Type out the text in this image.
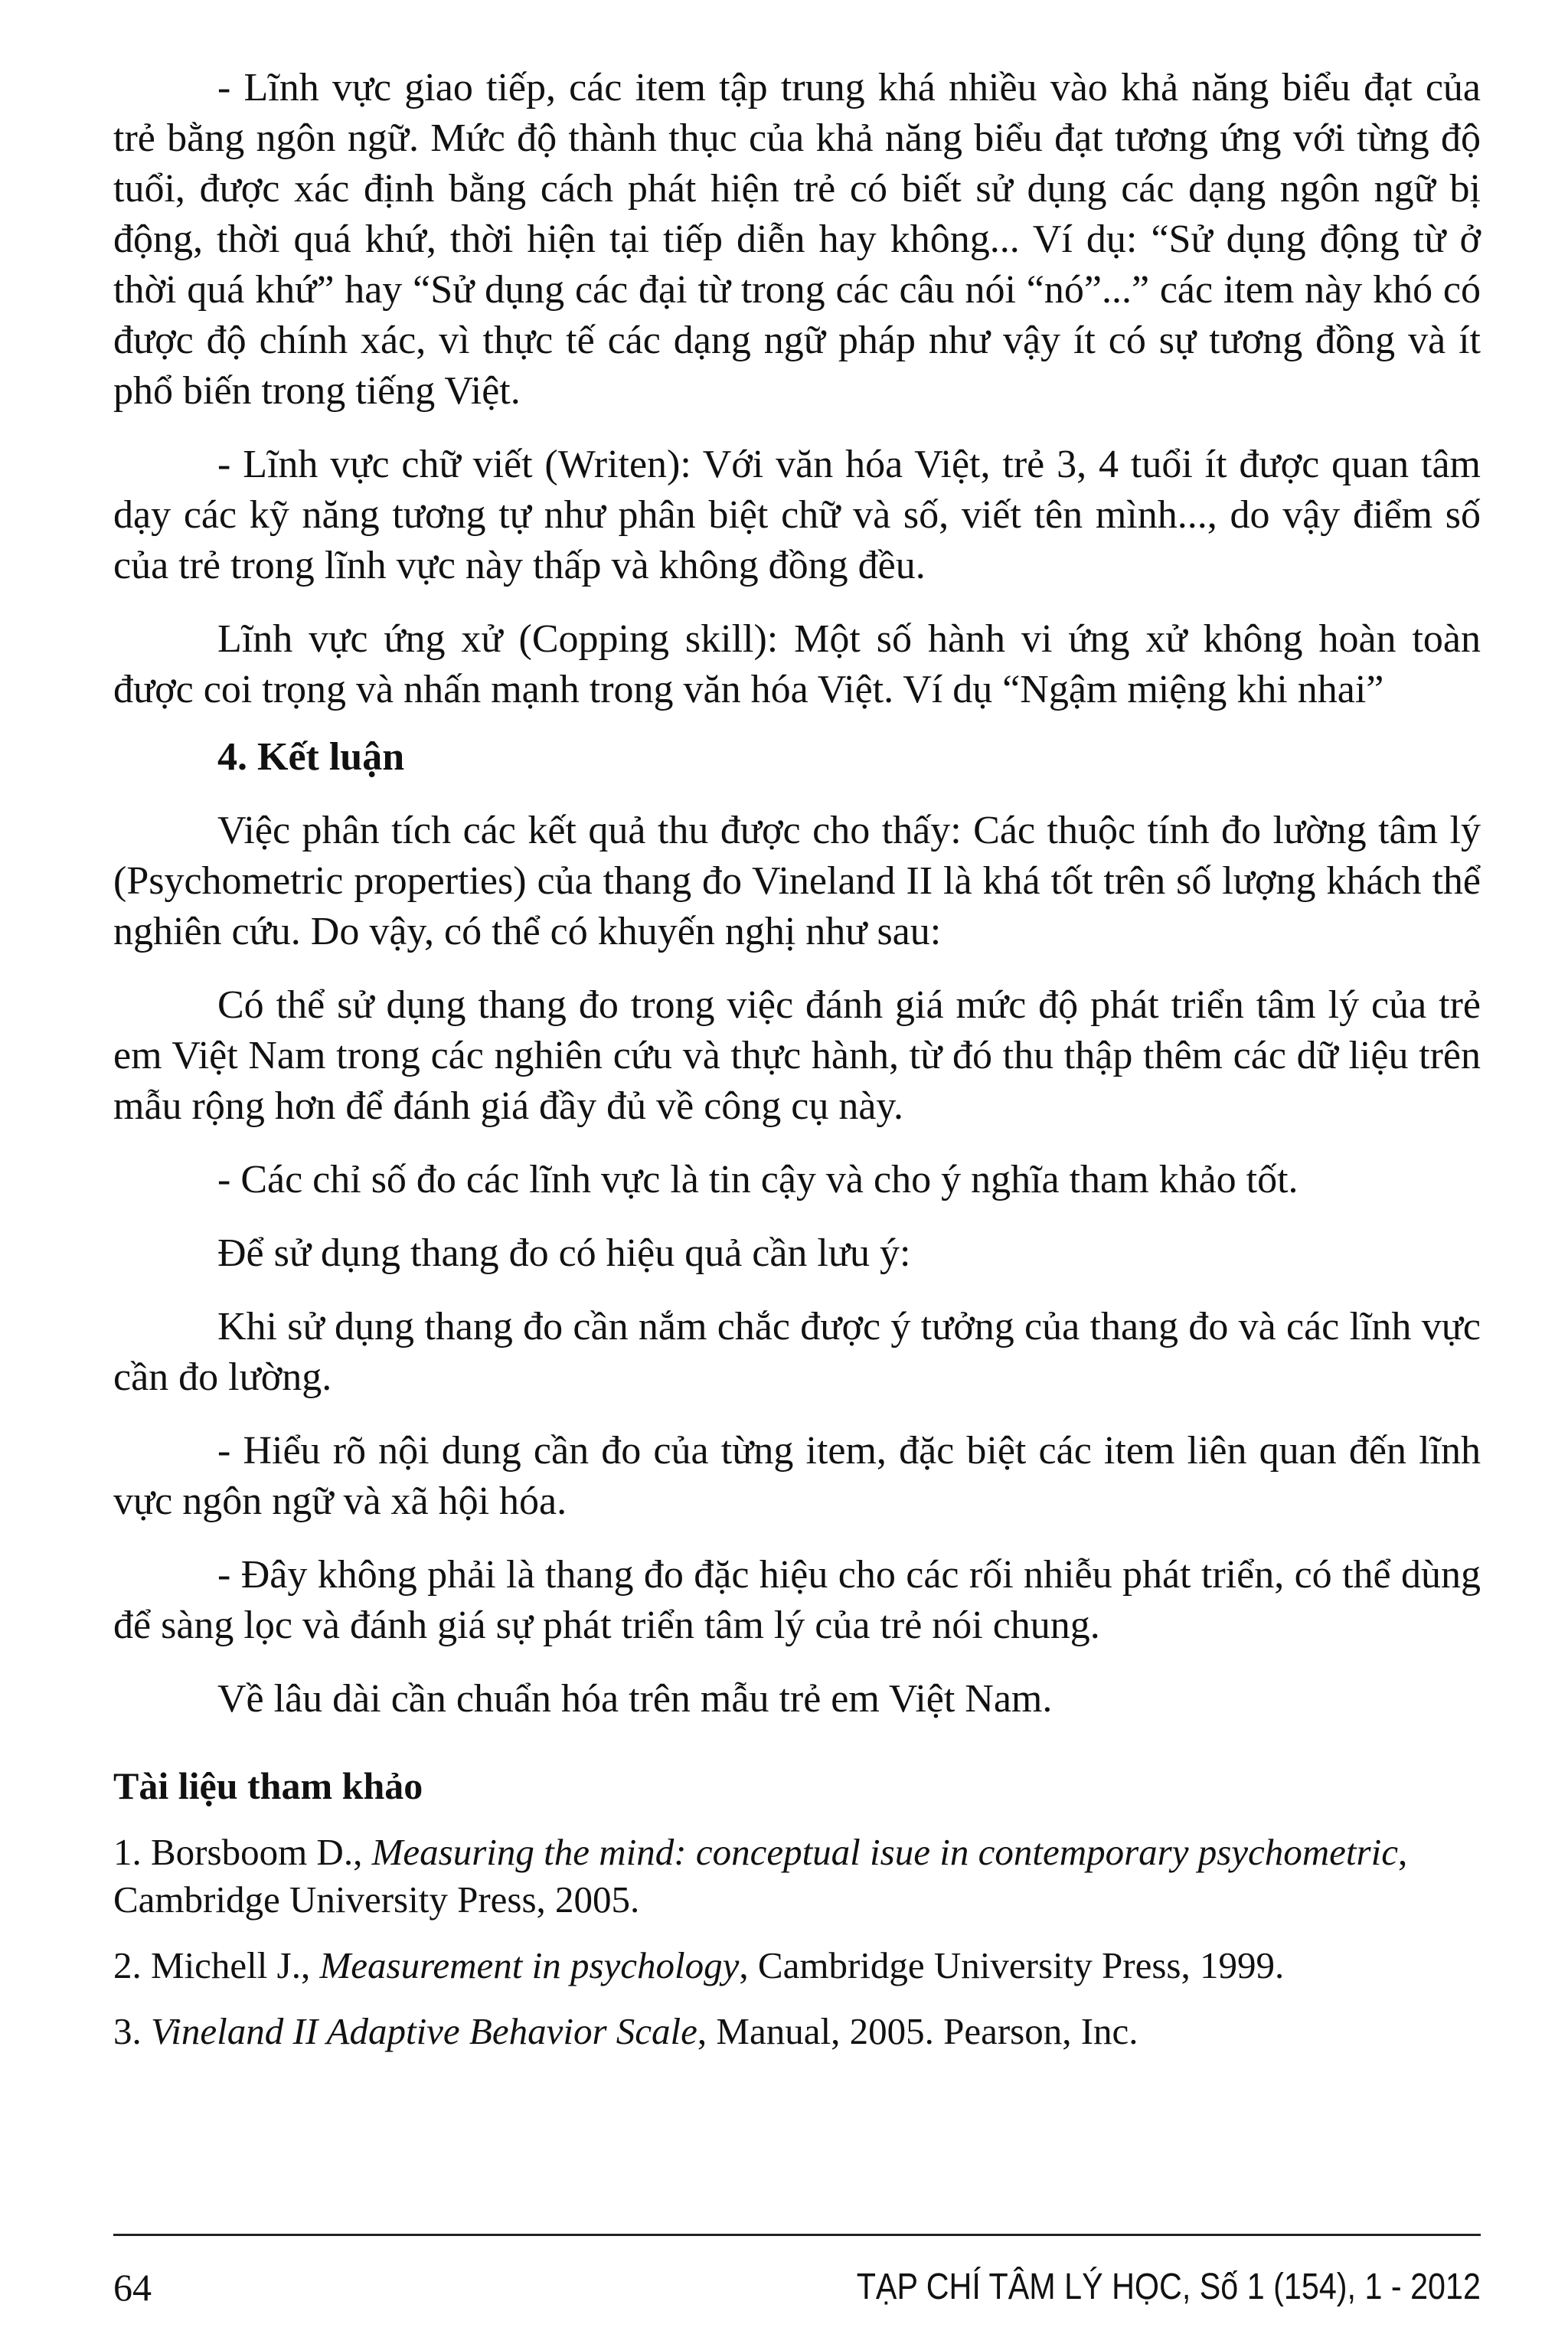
- Lĩnh vực giao tiếp, các item tập trung khá nhiều vào khả năng biểu đạt của trẻ bằng ngôn ngữ. Mức độ thành thục của khả năng biểu đạt tương ứng với từng độ tuổi, được xác định bằng cách phát hiện trẻ có biết sử dụng các dạng ngôn ngữ bị động, thời quá khứ, thời hiện tại tiếp diễn hay không... Ví dụ: “Sử dụng động từ ở thời quá khứ” hay “Sử dụng các đại từ trong các câu nói “nó”...” các item này khó có được độ chính xác, vì thực tế các dạng ngữ pháp như vậy ít có sự tương đồng và ít phổ biến trong tiếng Việt.

- Lĩnh vực chữ viết (Writen): Với văn hóa Việt, trẻ 3, 4 tuổi ít được quan tâm dạy các kỹ năng tương tự như phân biệt chữ và số, viết tên mình..., do vậy điểm số của trẻ trong lĩnh vực này thấp và không đồng đều.

Lĩnh vực ứng xử (Copping skill): Một số hành vi ứng xử không hoàn toàn được coi trọng và nhấn mạnh trong văn hóa Việt. Ví dụ “Ngậm miệng khi nhai”

4. Kết luận

Việc phân tích các kết quả thu được cho thấy: Các thuộc tính đo lường tâm lý (Psychometric properties) của thang đo Vineland II là khá tốt trên số lượng khách thể nghiên cứu. Do vậy, có thể có khuyến nghị như sau:

Có thể sử dụng thang đo trong việc đánh giá mức độ phát triển tâm lý của trẻ em Việt Nam trong các nghiên cứu và thực hành, từ đó thu thập thêm các dữ liệu trên mẫu rộng hơn để đánh giá đầy đủ về công cụ này.

- Các chỉ số đo các lĩnh vực là tin cậy và cho ý nghĩa tham khảo tốt.

Để sử dụng thang đo có hiệu quả cần lưu ý:

Khi sử dụng thang đo cần nắm chắc được ý tưởng của thang đo và các lĩnh vực cần đo lường.

- Hiểu rõ nội dung cần đo của từng item, đặc biệt các item liên quan đến lĩnh vực ngôn ngữ và xã hội hóa.

- Đây không phải là thang đo đặc hiệu cho các rối nhiễu phát triển, có thể dùng để sàng lọc và đánh giá sự phát triển tâm lý của trẻ nói chung.

Về lâu dài cần chuẩn hóa trên mẫu trẻ em Việt Nam.

Tài liệu tham khảo

1. Borsboom D., Measuring the mind: conceptual isue in contemporary psychometric, Cambridge University Press, 2005.

2. Michell J., Measurement in psychology, Cambridge University Press, 1999.

3. Vineland II Adaptive Behavior Scale, Manual, 2005. Pearson, Inc.

64	TẠP CHÍ TÂM LÝ HỌC, Số 1 (154), 1 - 2012
